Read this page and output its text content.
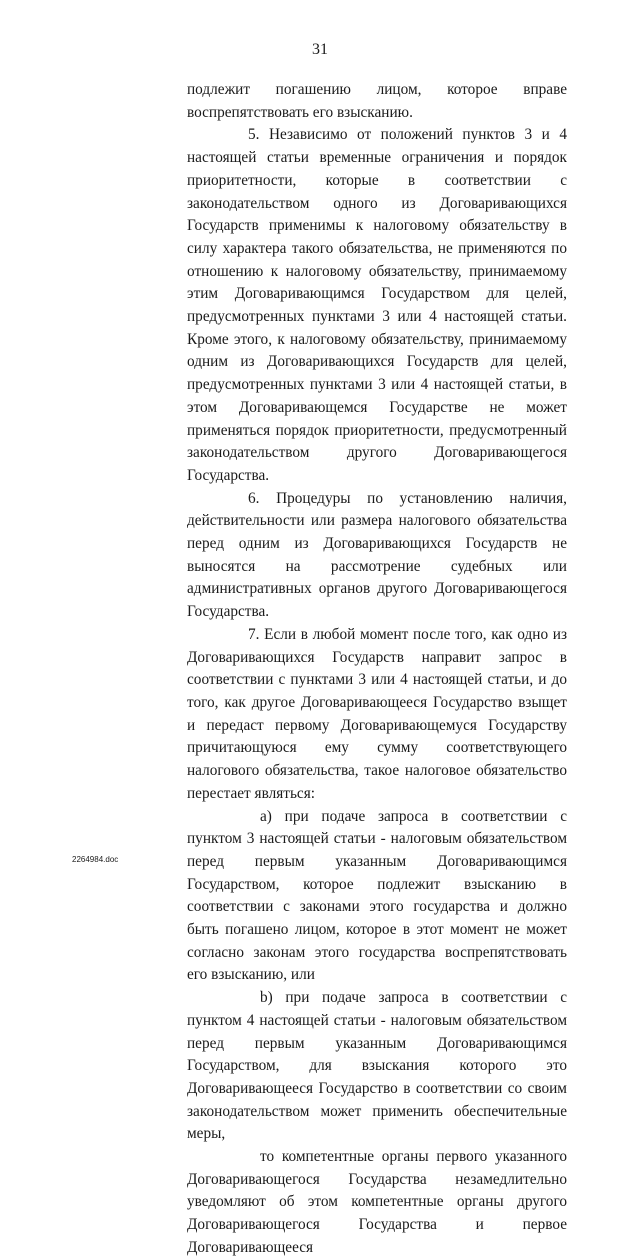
31

подлежит погашению лицом, которое вправе воспрепятствовать его взысканию.

5. Независимо от положений пунктов 3 и 4 настоящей статьи временные ограничения и порядок приоритетности, которые в соответствии с законодательством одного из Договаривающихся Государств применимы к налоговому обязательству в силу характера такого обязательства, не применяются по отношению к налоговому обязательству, принимаемому этим Договаривающимся Государством для целей, предусмотренных пунктами 3 или 4 настоящей статьи. Кроме этого, к налоговому обязательству, принимаемому одним из Договаривающихся Государств для целей, предусмотренных пунктами 3 или 4 настоящей статьи, в этом Договаривающемся Государстве не может применяться порядок приоритетности, предусмотренный законодательством другого Договаривающегося Государства.

6. Процедуры по установлению наличия, действительности или размера налогового обязательства перед одним из Договаривающихся Государств не выносятся на рассмотрение судебных или административных органов другого Договаривающегося Государства.

7. Если в любой момент после того, как одно из Договаривающихся Государств направит запрос в соответствии с пунктами 3 или 4 настоящей статьи, и до того, как другое Договаривающееся Государство взыщет и передаст первому Договаривающемуся Государству причитающуюся ему сумму соответствующего налогового обязательства, такое налоговое обязательство перестает являться:

a) при подаче запроса в соответствии с пунктом 3 настоящей статьи - налоговым обязательством перед первым указанным Договаривающимся Государством, которое подлежит взысканию в соответствии с законами этого государства и должно быть погашено лицом, которое в этот момент не может согласно законам этого государства воспрепятствовать его взысканию, или

b) при подаче запроса в соответствии с пунктом 4 настоящей статьи - налоговым обязательством перед первым указанным Договаривающимся Государством, для взыскания которого это Договаривающееся Государство в соответствии со своим законодательством может применить обеспечительные меры,

то компетентные органы первого указанного Договаривающегося Государства незамедлительно уведомляют об этом компетентные органы другого Договаривающегося Государства и первое Договаривающееся

2264984.doc
